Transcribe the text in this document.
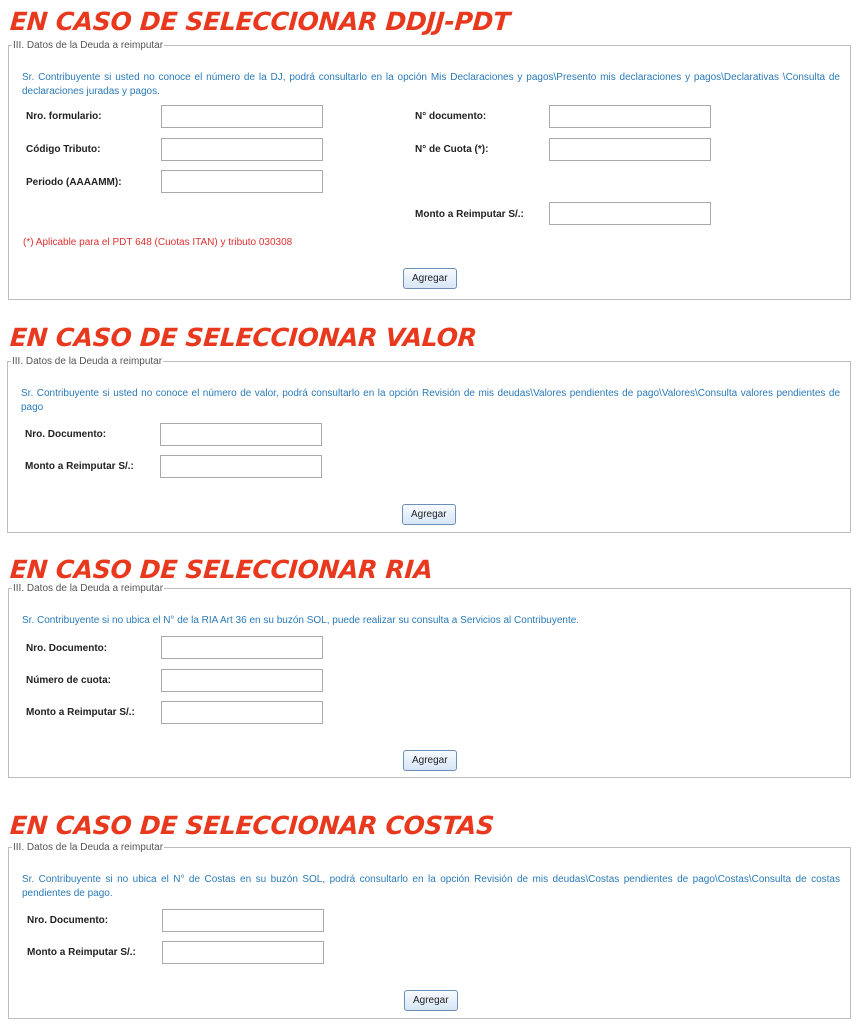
EN CASO DE SELECCIONAR DDJJ-PDT
III. Datos de la Deuda a reimputar

Sr. Contribuyente si usted no conoce el número de la DJ, podrá consultarlo en la opción Mis Declaraciones y pagos\Presento mis declaraciones y pagos\Declarativas \Consulta de declaraciones juradas y pagos.

Nro. formulario:
Código Tributo:
Periodo (AAAAMM):
N° documento:
N° de Cuota (*):
Monto a Reimputar S/.:

(*) Aplicable para el PDT 648 (Cuotas ITAN) y tributo 030308

Agregar
EN CASO DE SELECCIONAR VALOR
III. Datos de la Deuda a reimputar

Sr. Contribuyente si usted no conoce el número de valor, podrá consultarlo en la opción Revisión de mis deudas\Valores pendientes de pago\Valores\Consulta valores pendientes de pago

Nro. Documento:
Monto a Reimputar S/.:
Agregar
EN CASO DE SELECCIONAR RIA
III. Datos de la Deuda a reimputar

Sr. Contribuyente si no ubica el N° de la RIA Art 36 en su buzón SOL, puede realizar su consulta a Servicios al Contribuyente.

Nro. Documento:
Número de cuota:
Monto a Reimputar S/.:
Agregar
EN CASO DE SELECCIONAR COSTAS
III. Datos de la Deuda a reimputar

Sr. Contribuyente si no ubica el N° de Costas en su buzón SOL, podrá consultarlo en la opción Revisión de mis deudas\Costas pendientes de pago\Costas\Consulta de costas pendientes de pago.

Nro. Documento:
Monto a Reimputar S/.:
Agregar
